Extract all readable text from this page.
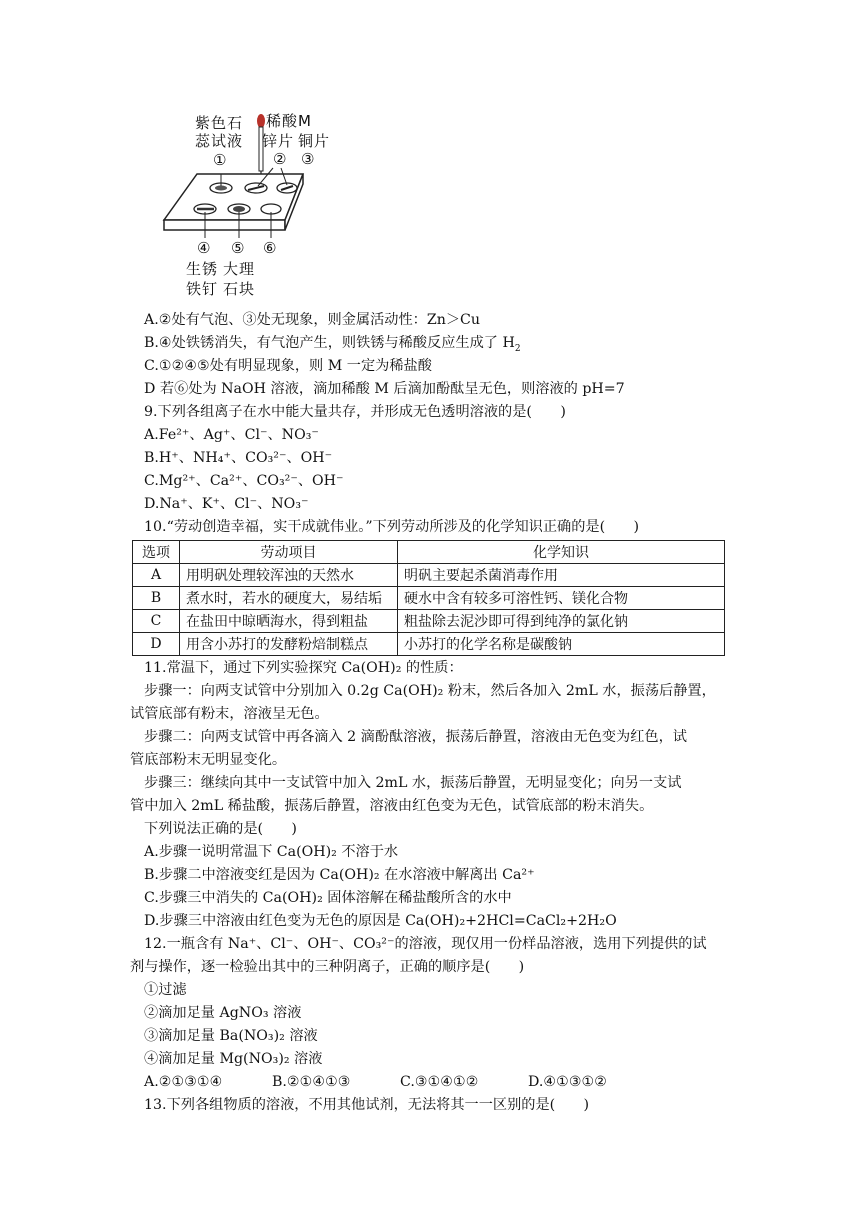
紫色石
蕊试液
稀酸M
锌片 铜片
①	② ③
④ ⑤ ⑥
生锈
铁钉
大理
石块
A.②处有气泡、③处无现象，则金属活动性：Zn＞Cu
B.④处铁锈消失，有气泡产生，则铁锈与稀酸反应生成了 $H_2$
C.①②④⑤处有明显现象，则 M 一定为稀盐酸
D 若⑥处为 NaOH 溶液，滴加稀酸 M 后滴加酚酞呈无色，则溶液的 pH=7
9.下列各组离子在水中能大量共存，并形成无色透明溶液的是(　　)
A.Fe²⁺、Ag⁺、Cl⁻、NO₃⁻
B.H⁺、NH₄⁺、CO₃²⁻、OH⁻
C.Mg²⁺、Ca²⁺、CO₃²⁻、OH⁻
D.Na⁺、K⁺、Cl⁻、NO₃⁻
10.“劳动创造幸福，实干成就伟业。”下列劳动所涉及的化学知识正确的是(　　)
选项	劳动项目	化学知识
A	用明矾处理较浑浊的天然水	明矾主要起杀菌消毒作用
B	煮水时，若水的硬度大，易结垢	硬水中含有较多可溶性钙、镁化合物
C	在盐田中晾晒海水，得到粗盐	粗盐除去泥沙即可得到纯净的氯化钠
D	用含小苏打的发酵粉焙制糕点	小苏打的化学名称是碳酸钠
11.常温下，通过下列实验探究 Ca(OH)₂ 的性质：
步骤一：向两支试管中分别加入 0.2g Ca(OH)₂ 粉末，然后各加入 2mL 水，振荡后静置，
试管底部有粉末，溶液呈无色。
步骤二：向两支试管中再各滴入 2 滴酚酞溶液，振荡后静置，溶液由无色变为红色，试
管底部粉末无明显变化。
步骤三：继续向其中一支试管中加入 2mL 水，振荡后静置，无明显变化；向另一支试
管中加入 2mL 稀盐酸，振荡后静置，溶液由红色变为无色，试管底部的粉末消失。
下列说法正确的是(　　)
A.步骤一说明常温下 Ca(OH)₂ 不溶于水
B.步骤二中溶液变红是因为 Ca(OH)₂ 在水溶液中解离出 Ca²⁺
C.步骤三中消失的 Ca(OH)₂ 固体溶解在稀盐酸所含的水中
D.步骤三中溶液由红色变为无色的原因是 Ca(OH)₂+2HCl=CaCl₂+2H₂O
12.一瓶含有 Na⁺、Cl⁻、OH⁻、CO₃²⁻的溶液，现仅用一份样品溶液，选用下列提供的试
剂与操作，逐一检验出其中的三种阴离子，正确的顺序是(　　)
①过滤
②滴加足量 AgNO₃ 溶液
③滴加足量 Ba(NO₃)₂ 溶液
④滴加足量 Mg(NO₃)₂ 溶液
A.②①③①④	B.②①④①③	C.③①④①②	D.④①③①②
13.下列各组物质的溶液，不用其他试剂，无法将其一一区别的是(　　)
